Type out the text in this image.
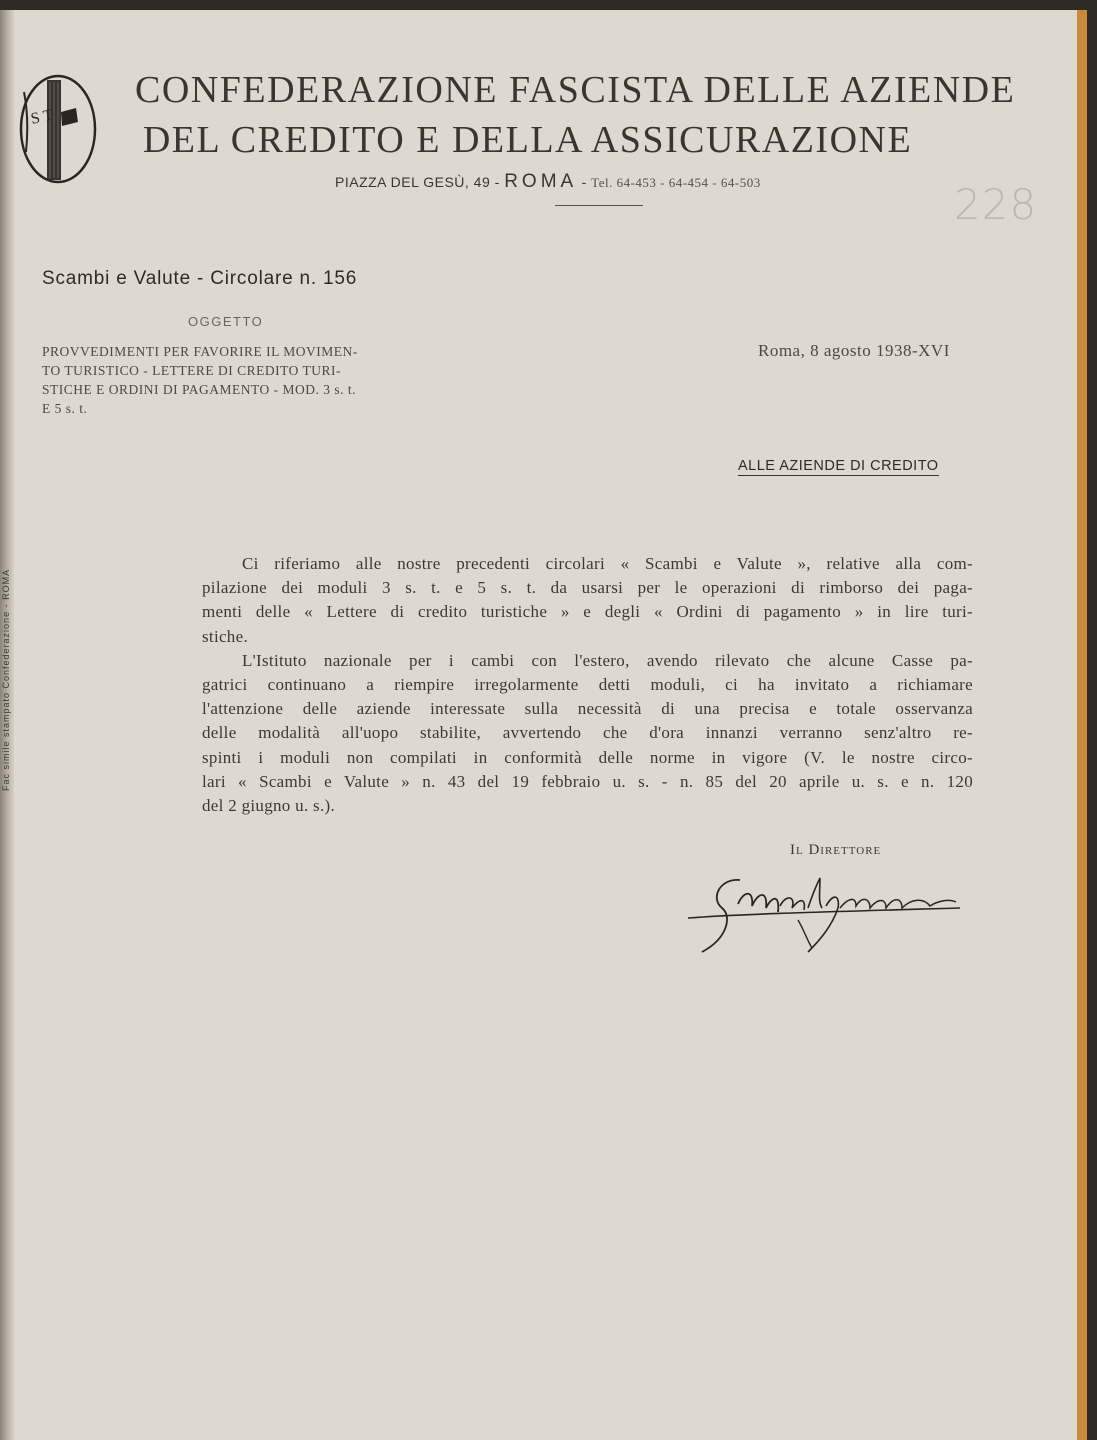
Fac simile stampato Confederazione - ROMA
S T
CONFEDERAZIONE FASCISTA DELLE AZIENDE
DEL CREDITO E DELLA ASSICURAZIONE
PIAZZA DEL GESÙ, 49 - ROMA - Tel. 64-453 - 64-454 - 64-503	228
Scambi e Valute - Circolare n. 156
OGGETTO
PROVVEDIMENTI PER FAVORIRE IL MOVIMEN-
TO TURISTICO - LETTERE DI CREDITO TURI-
STICHE E ORDINI DI PAGAMENTO - MOD. 3 s. t.
E 5 s. t.
Roma, 8 agosto 1938-XVI
ALLE AZIENDE DI CREDITO
Ci riferiamo alle nostre precedenti circolari « Scambi e Valute », relative alla com-
pilazione dei moduli 3 s. t. e 5 s. t. da usarsi per le operazioni di rimborso dei paga-
menti delle « Lettere di credito turistiche » e degli « Ordini di pagamento » in lire turi-
stiche.
L'Istituto nazionale per i cambi con l'estero, avendo rilevato che alcune Casse pa-
gatrici continuano a riempire irregolarmente detti moduli, ci ha invitato a richiamare
l'attenzione delle aziende interessate sulla necessità di una precisa e totale osservanza
delle modalità all'uopo stabilite, avvertendo che d'ora innanzi verranno senz'altro re-
spinti i moduli non compilati in conformità delle norme in vigore (V. le nostre circo-
lari « Scambi e Valute » n. 43 del 19 febbraio u. s. - n. 85 del 20 aprile u. s. e n. 120
del 2 giugno u. s.).
Il Direttore
